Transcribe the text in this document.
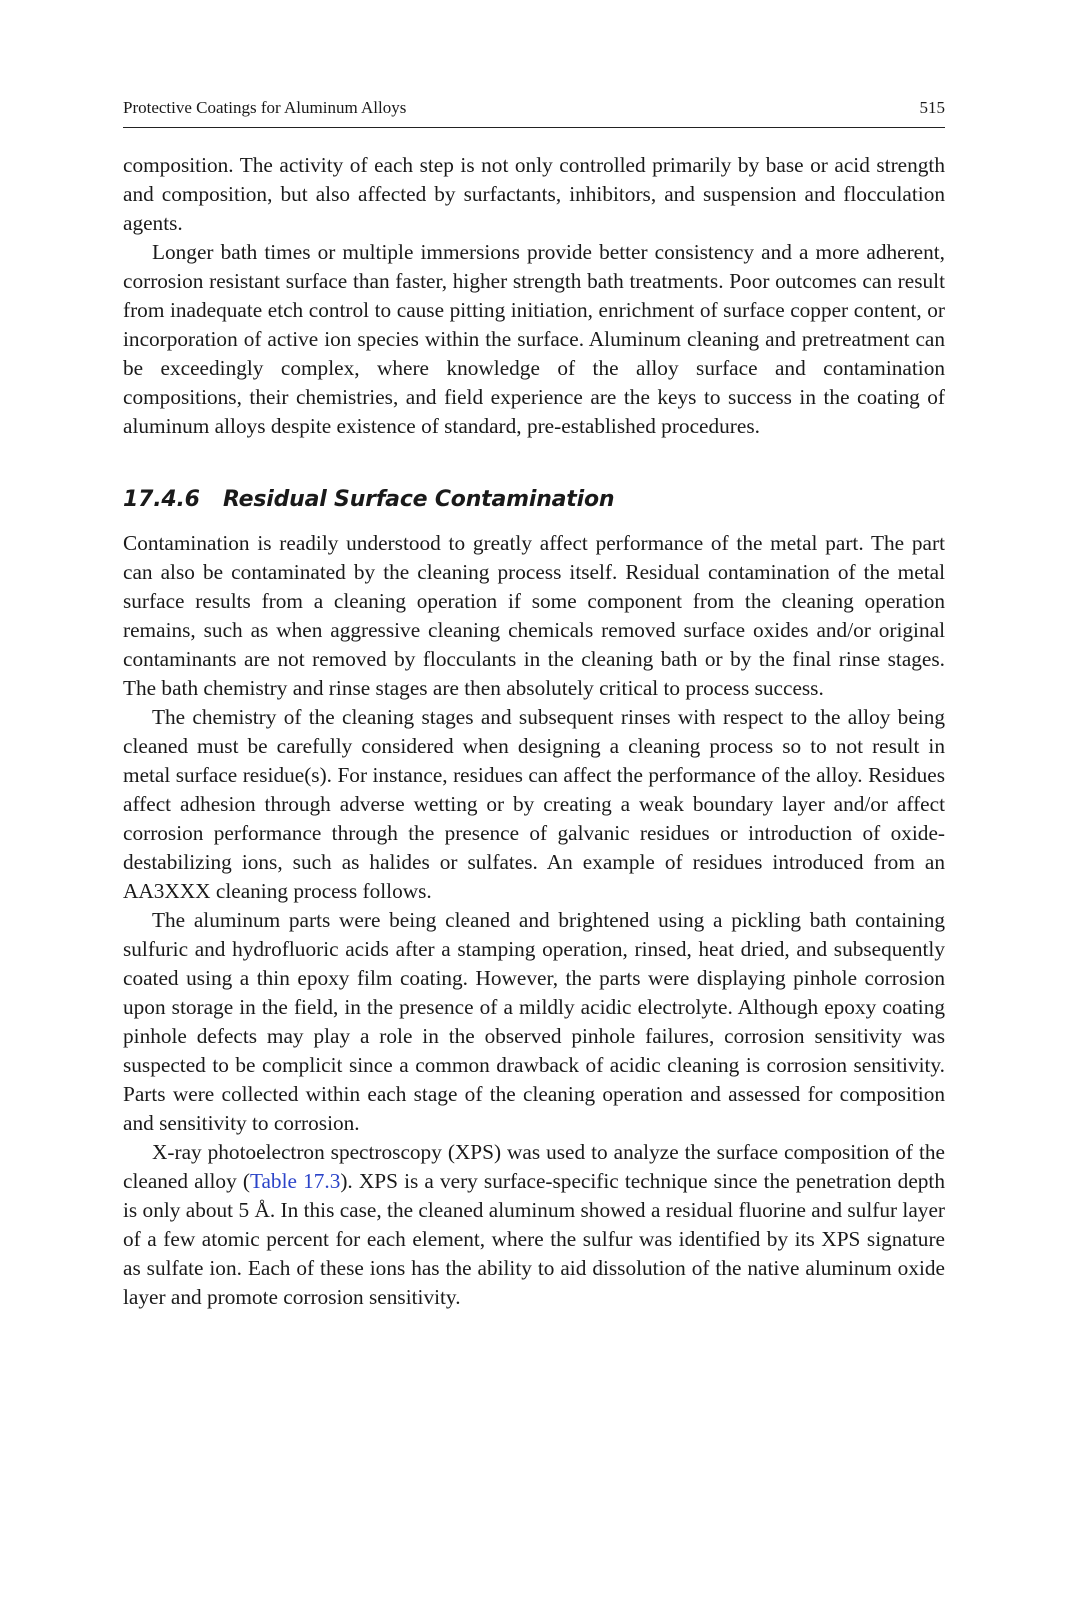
Protective Coatings for Aluminum Alloys	515

composition. The activity of each step is not only controlled primarily by base or acid strength and composition, but also affected by surfactants, inhibitors, and suspension and flocculation agents.

Longer bath times or multiple immersions provide better consistency and a more adherent, corrosion resistant surface than faster, higher strength bath treatments. Poor outcomes can result from inadequate etch control to cause pitting initiation, enrichment of surface copper content, or incorporation of active ion species within the surface. Aluminum cleaning and pretreatment can be exceedingly complex, where knowledge of the alloy surface and contamination compositions, their chemistries, and field experience are the keys to success in the coating of aluminum alloys despite existence of standard, pre-established procedures.

17.4.6 Residual Surface Contamination

Contamination is readily understood to greatly affect performance of the metal part. The part can also be contaminated by the cleaning process itself. Residual contamination of the metal surface results from a cleaning operation if some component from the cleaning operation remains, such as when aggressive cleaning chemicals removed surface oxides and/or original contaminants are not removed by flocculants in the cleaning bath or by the final rinse stages. The bath chemistry and rinse stages are then absolutely critical to process success.

The chemistry of the cleaning stages and subsequent rinses with respect to the alloy being cleaned must be carefully considered when designing a cleaning process so to not result in metal surface residue(s). For instance, residues can affect the performance of the alloy. Residues affect adhesion through adverse wetting or by creating a weak boundary layer and/or affect corrosion performance through the presence of galvanic residues or introduction of oxide-destabilizing ions, such as halides or sulfates. An example of residues introduced from an AA3XXX cleaning process follows.

The aluminum parts were being cleaned and brightened using a pickling bath containing sulfuric and hydrofluoric acids after a stamping operation, rinsed, heat dried, and subsequently coated using a thin epoxy film coating. However, the parts were displaying pinhole corrosion upon storage in the field, in the presence of a mildly acidic electrolyte. Although epoxy coating pinhole defects may play a role in the observed pinhole failures, corrosion sensitivity was suspected to be complicit since a common drawback of acidic cleaning is corrosion sensitivity. Parts were collected within each stage of the cleaning operation and assessed for composition and sensitivity to corrosion.

X-ray photoelectron spectroscopy (XPS) was used to analyze the surface composition of the cleaned alloy (Table 17.3). XPS is a very surface-specific technique since the penetration depth is only about 5 Å. In this case, the cleaned aluminum showed a residual fluorine and sulfur layer of a few atomic percent for each element, where the sulfur was identified by its XPS signature as sulfate ion. Each of these ions has the ability to aid dissolution of the native aluminum oxide layer and promote corrosion sensitivity.
